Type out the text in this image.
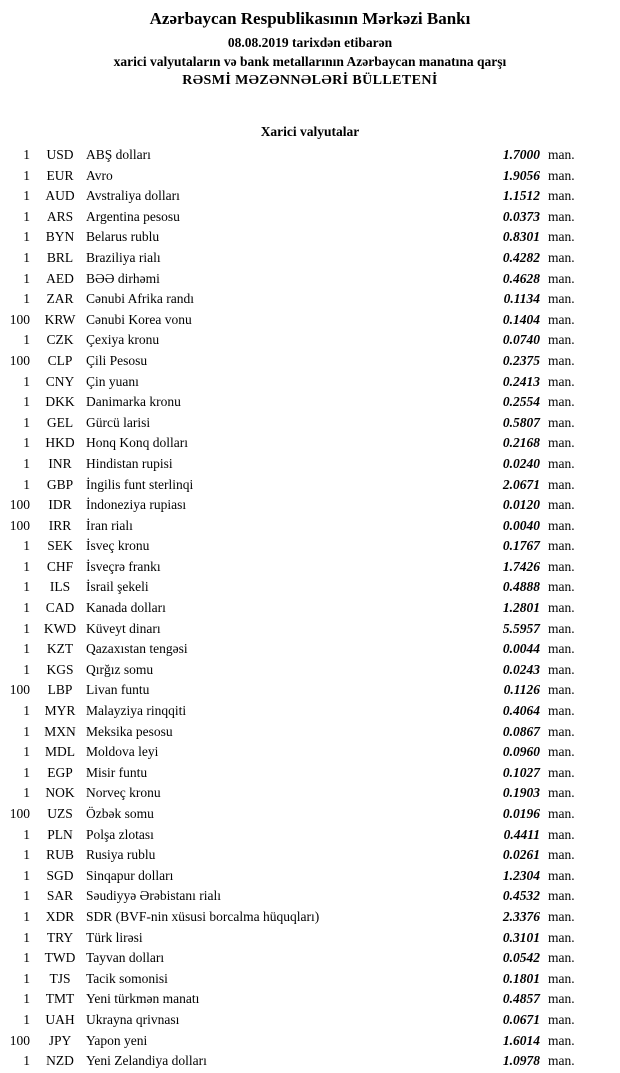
Azərbaycan Respublikasının Mərkəzi Bankı
08.08.2019 tarixdən etibarən
xarici valyutaların və bank metallarının Azərbaycan manatına qarşı
RƏSMİ MƏZƏNNƏLƏRİ BÜLLETENİ
Xarici valyutalar
1	USD ABŞ dolları	1.7000 man.
1	EUR Avro	1.9056 man.
1	AUD Avstraliya dolları	1.1512 man.
1	ARS Argentina pesosu	0.0373 man.
1	BYN Belarus rublu	0.8301 man.
1	BRL Braziliya rialı	0.4282 man.
1	AED BƏƏ dirhəmi	0.4628 man.
1	ZAR Cənubi Afrika randı	0.1134 man.
100	KRW Cənubi Korea vonu	0.1404 man.
1	CZK Çexiya kronu	0.0740 man.
100	CLP	Çili Pesosu	0.2375 man.
1	CNY Çin yuanı	0.2413 man.
1	DKK Danimarka kronu	0.2554 man.
1	GEL Gürcü larisi	0.5807 man.
1	HKD Honq Konq dolları	0.2168 man.
1	INR	Hindistan rupisi	0.0240 man.
1	GBP İngilis funt sterlinqi	2.0671 man.
100	IDR	İndoneziya rupiası	0.0120 man.
100	IRR	İran rialı	0.0040 man.
1	SEK İsveç kronu	0.1767 man.
1	CHF İsveçrə frankı	1.7426 man.
1	ILS	İsrail şekeli	0.4888 man.
1	CAD Kanada dolları	1.2801 man.
1	KWD Küveyt dinarı	5.5957 man.
1	KZT Qazaxıstan tengəsi	0.0044 man.
1	KGS Qırğız somu	0.0243 man.
100	LBP	Livan funtu	0.1126 man.
1	MYR Malayziya rinqqiti	0.4064 man.
1	MXN Meksika pesosu	0.0867 man.
1	MDL Moldova leyi	0.0960 man.
1	EGP Misir funtu	0.1027 man.
1	NOK Norveç kronu	0.1903 man.
100	UZS Özbək somu	0.0196 man.
1	PLN Polşa zlotası	0.4411 man.
1	RUB Rusiya rublu	0.0261 man.
1	SGD Sinqapur dolları	1.2304 man.
1	SAR Səudiyyə Ərəbistanı rialı	0.4532 man.
1	XDR SDR (BVF-nin xüsusi borcalma hüquqları)	2.3376 man.
1	TRY Türk lirəsi	0.3101 man.
1	TWD Tayvan dolları	0.0542 man.
1	TJS	Tacik somonisi	0.1801 man.
1	TMT Yeni türkmən manatı	0.4857 man.
1	UAH Ukrayna qrivnası	0.0671 man.
100	JPY	Yapon yeni	1.6014 man.
1	NZD Yeni Zelandiya dolları	1.0978 man.
